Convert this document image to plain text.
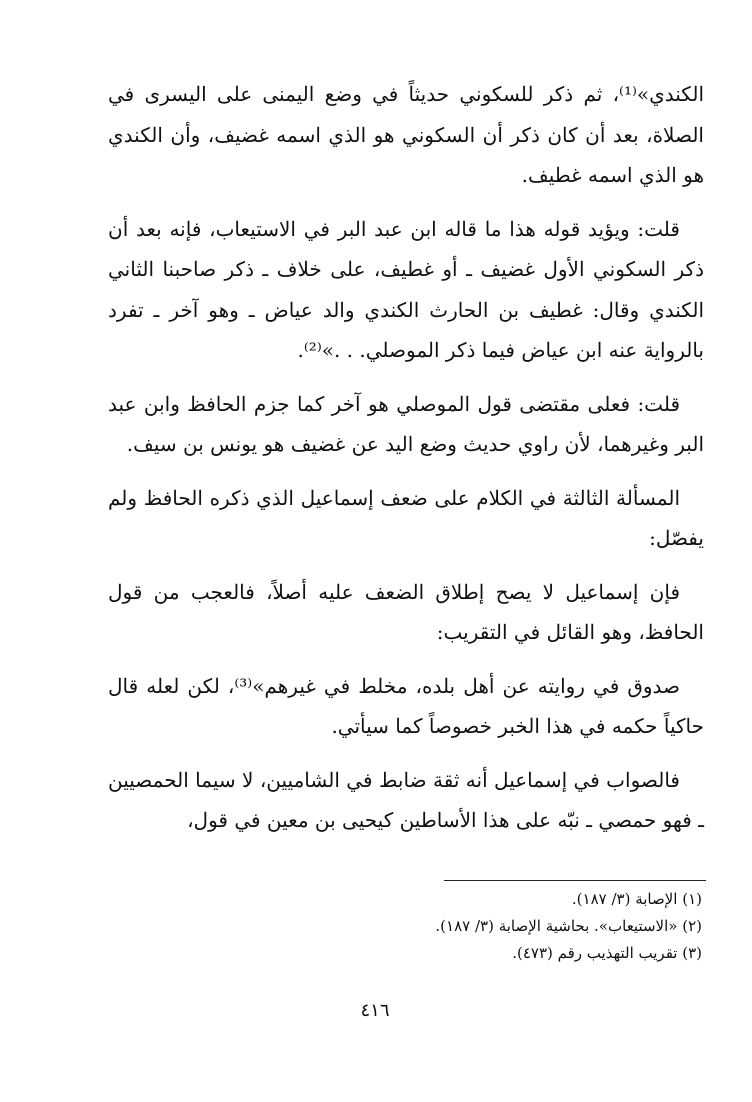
الكندي»⁽¹⁾، ثم ذكر للسكوني حديثاً في وضع اليمنى على اليسرى في الصلاة، بعد أن كان ذكر أن السكوني هو الذي اسمه غضيف، وأن الكندي هو الذي اسمه غطيف.

قلت: ويؤيد قوله هذا ما قاله ابن عبد البر في الاستيعاب، فإنه بعد أن ذكر السكوني الأول غضيف ـ أو غطيف، على خلاف ـ ذكر صاحبنا الثاني الكندي وقال: غطيف بن الحارث الكندي والد عياض ـ وهو آخر ـ تفرد بالرواية عنه ابن عياض فيما ذكر الموصلي. . .»⁽²⁾.

قلت: فعلى مقتضى قول الموصلي هو آخر كما جزم الحافظ وابن عبد البر وغيرهما، لأن راوي حديث وضع اليد عن غضيف هو يونس بن سيف.

المسألة الثالثة في الكلام على ضعف إسماعيل الذي ذكره الحافظ ولم يفصّل:

فإن إسماعيل لا يصح إطلاق الضعف عليه أصلاً، فالعجب من قول الحافظ، وهو القائل في التقريب:

صدوق في روايته عن أهل بلده، مخلط في غيرهم»⁽³⁾، لكن لعله قال حاكياً حكمه في هذا الخبر خصوصاً كما سيأتي.

فالصواب في إسماعيل أنه ثقة ضابط في الشاميين، لا سيما الحمصيين ـ فهو حمصي ـ نبّه على هذا الأساطين كيحيى بن معين في قول،

(١) الإصابة (٣/ ١٨٧).

(٢) «الاستيعاب». بحاشية الإصابة (٣/ ١٨٧).

(٣) تقريب التهذيب رقم (٤٧٣).

٤١٦
